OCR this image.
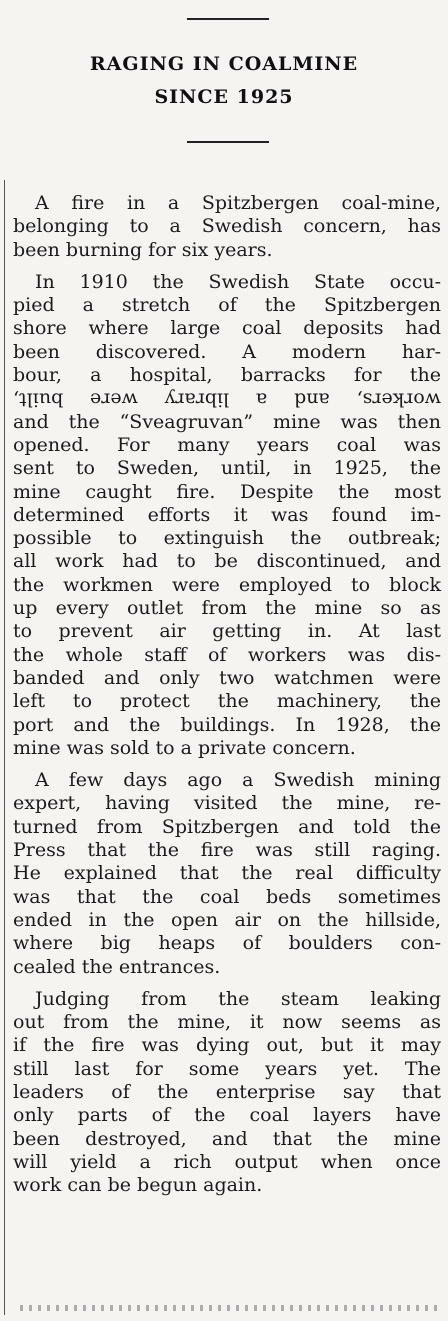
RAGING IN COALMINE
SINCE 1925
A fire in a Spitzbergen coal-mine,
belonging to a Swedish concern, has
been burning for six years.
In 1910 the Swedish State occu-
pied a stretch of the Spitzbergen
shore where large coal deposits had
been discovered. A modern har-
bour, a hospital, barracks for the
workers, and a library were built,
and the “Sveagruvan” mine was then
opened. For many years coal was
sent to Sweden, until, in 1925, the
mine caught fire. Despite the most
determined efforts it was found im-
possible to extinguish the outbreak;
all work had to be discontinued, and
the workmen were employed to block
up every outlet from the mine so as
to prevent air getting in. At last
the whole staff of workers was dis-
banded and only two watchmen were
left to protect the machinery, the
port and the buildings. In 1928, the
mine was sold to a private concern.
A few days ago a Swedish mining
expert, having visited the mine, re-
turned from Spitzbergen and told the
Press that the fire was still raging.
He explained that the real difficulty
was that the coal beds sometimes
ended in the open air on the hillside,
where big heaps of boulders con-
cealed the entrances.
Judging from the steam leaking
out from the mine, it now seems as
if the fire was dying out, but it may
still last for some years yet. The
leaders of the enterprise say that
only parts of the coal layers have
been destroyed, and that the mine
will yield a rich output when once
work can be begun again.
